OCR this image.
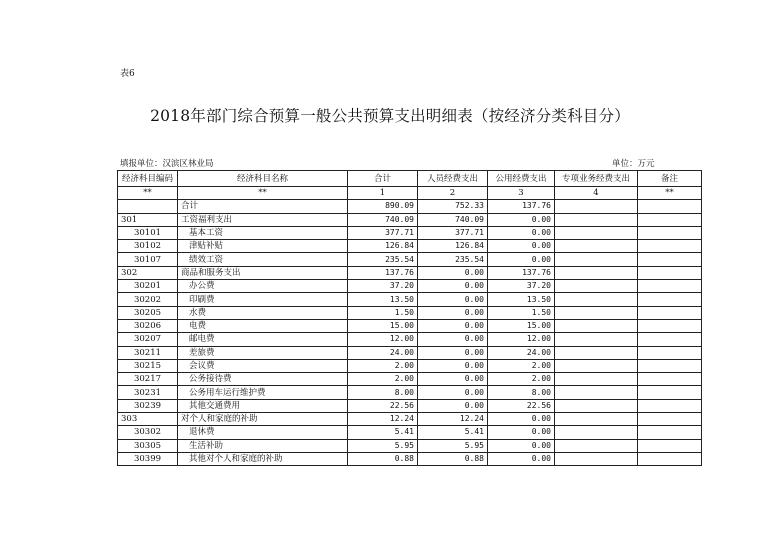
表6
2018年部门综合预算一般公共预算支出明细表（按经济分类科目分）
填报单位：汉滨区林业局	单位：万元
经济科目编码	经济科目名称	合计	人员经费支出	公用经费支出	专项业务经费支出	备注
**	**	1	2	3	4	**
	合计	890.09	752.33	137.76		
301	工资福利支出	740.09	740.09	0.00		
30101	基本工资	377.71	377.71	0.00		
30102	津贴补贴	126.84	126.84	0.00		
30107	绩效工资	235.54	235.54	0.00		
302	商品和服务支出	137.76	0.00	137.76		
30201	办公费	37.20	0.00	37.20		
30202	印刷费	13.50	0.00	13.50		
30205	水费	1.50	0.00	1.50		
30206	电费	15.00	0.00	15.00		
30207	邮电费	12.00	0.00	12.00		
30211	差旅费	24.00	0.00	24.00		
30215	会议费	2.00	0.00	2.00		
30217	公务接待费	2.00	0.00	2.00		
30231	公务用车运行维护费	8.00	0.00	8.00		
30239	其他交通费用	22.56	0.00	22.56		
303	对个人和家庭的补助	12.24	12.24	0.00		
30302	退休费	5.41	5.41	0.00		
30305	生活补助	5.95	5.95	0.00		
30399	其他对个人和家庭的补助	0.88	0.88	0.00		
